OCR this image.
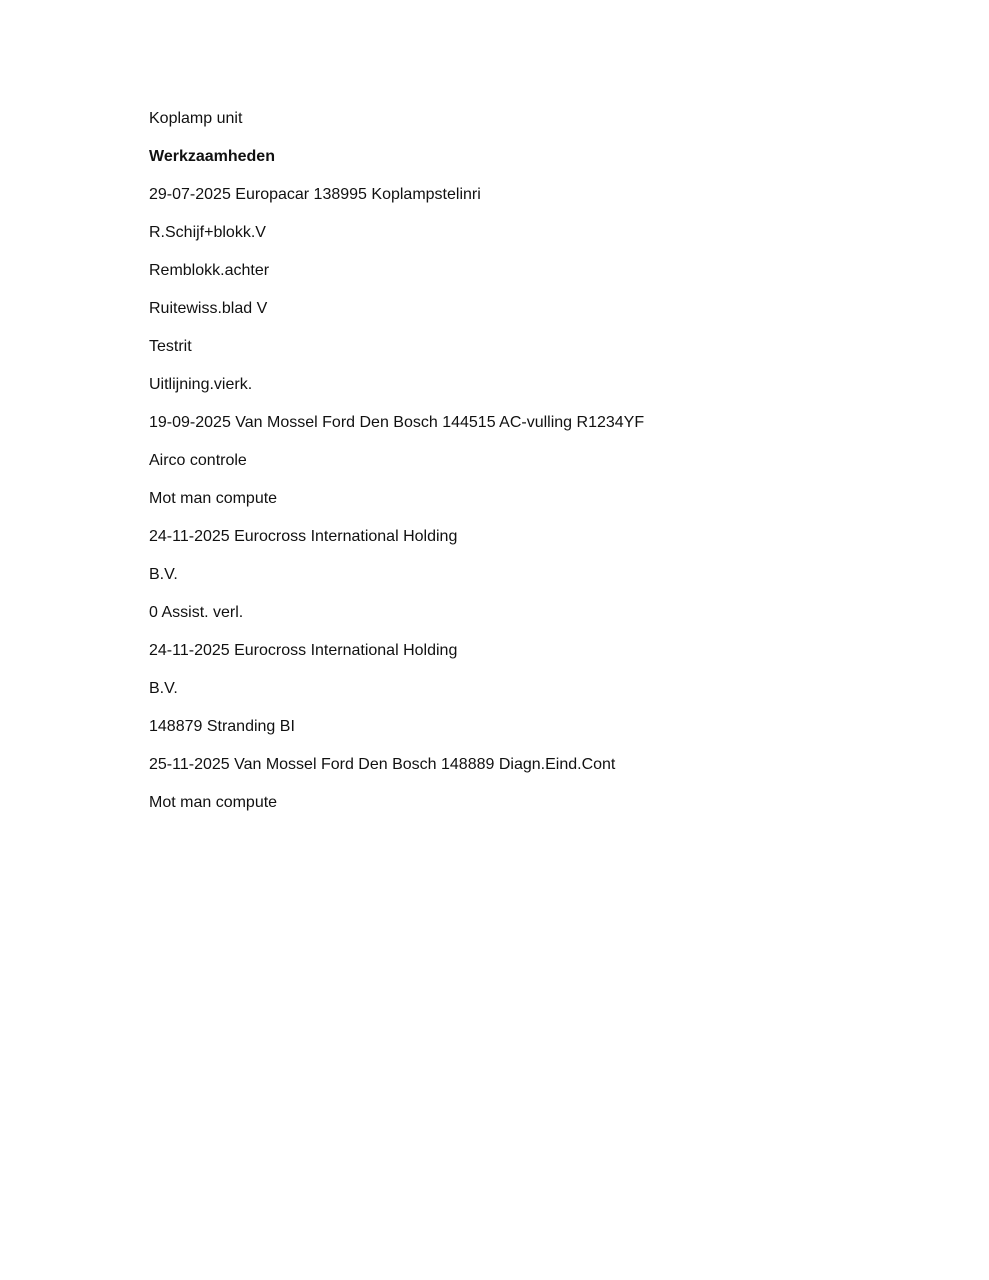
Koplamp unit
Werkzaamheden
29-07-2025 Europacar 138995 Koplampstelinri
R.Schijf+blokk.V
Remblokk.achter
Ruitewiss.blad V
Testrit
Uitlijning.vierk.
19-09-2025 Van Mossel Ford Den Bosch 144515 AC-vulling R1234YF
Airco controle
Mot man compute
24-11-2025 Eurocross International Holding
B.V.
0 Assist. verl.
24-11-2025 Eurocross International Holding
B.V.
148879 Stranding BI
25-11-2025 Van Mossel Ford Den Bosch 148889 Diagn.Eind.Cont
Mot man compute
